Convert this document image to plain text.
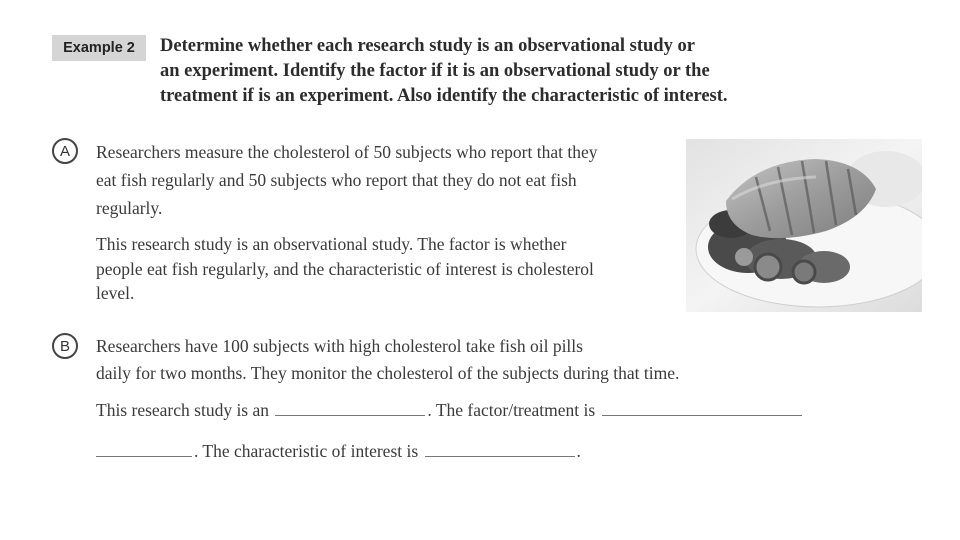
Example 2	Determine whether each research study is an observational study or
an experiment. Identify the factor if it is an observational study or the
treatment if is an experiment. Also identify the characteristic of interest.
A	Researchers measure the cholesterol of 50 subjects who report that they
eat fish regularly and 50 subjects who report that they do not eat fish
regularly.
This research study is an observational study. The factor is whether
people eat fish regularly, and the characteristic of interest is cholesterol
level.
B	Researchers have 100 subjects with high cholesterol take fish oil pills
daily for two months. They monitor the cholesterol of the subjects during that time.
This research study is an	. The factor/treatment is
. The characteristic of interest is	.
